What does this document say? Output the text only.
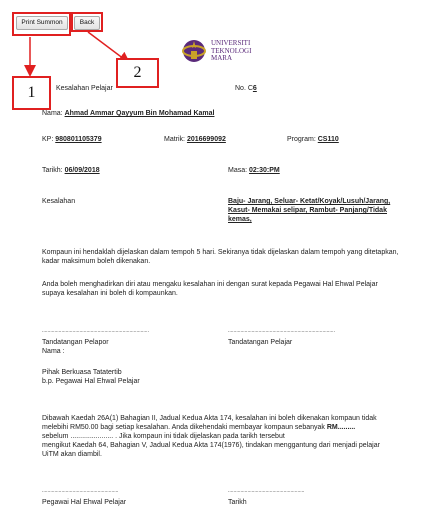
Print Summon	Back
1
2
UNIVERSITI
TEKNOLOGI
MARA
Kesalahan Pelajar	No. C6
Nama: Ahmad Ammar Qayyum Bin Mohamad Kamal
KP: 980801105379	Matrik: 2016699092	Program: CS110
Tarikh: 06/09/2018	Masa: 02:30:PM
Kesalahan	Baju- Jarang, Seluar- Ketat/Koyak/Lusuh/Jarang, Kasut- Memakai selipar, Rambut- Panjang/Tidak kemas,
Kompaun ini hendaklah dijelaskan dalam tempoh 5 hari. Sekiranya tidak dijelaskan dalam tempoh yang ditetapkan, kadar maksimum boleh dikenakan.
Anda boleh menghadirkan diri atau mengaku kesalahan ini dengan surat kepada Pegawai Hal Ehwal Pelajar supaya kesalahan ini boleh di kompaunkan.
.............................................................................	.............................................................................
Tandatangan Pelapor
Nama :
Tandatangan Pelajar
Pihak Berkuasa Tatatertib
b.p. Pegawai Hal Ehwal Pelajar
Dibawah Kaedah 26A(1) Bahagian II, Jadual Kedua Akta 174, kesalahan ini boleh dikenakan kompaun tidak
melebihi RM50.00 bagi setiap kesalahan. Anda dikehendaki membayar kompaun sebanyak RM.........
sebelum ...................... . Jika kompaun ini tidak dijelaskan pada tarikh tersebut
mengikut Kaedah 64, Bahagian V, Jadual Kedua Akta 174(1976), tindakan menggantung dari menjadi pelajar
UiTM akan diambil.
.......................................................	.......................................................
Pegawai Hal Ehwal Pelajar	Tarikh
